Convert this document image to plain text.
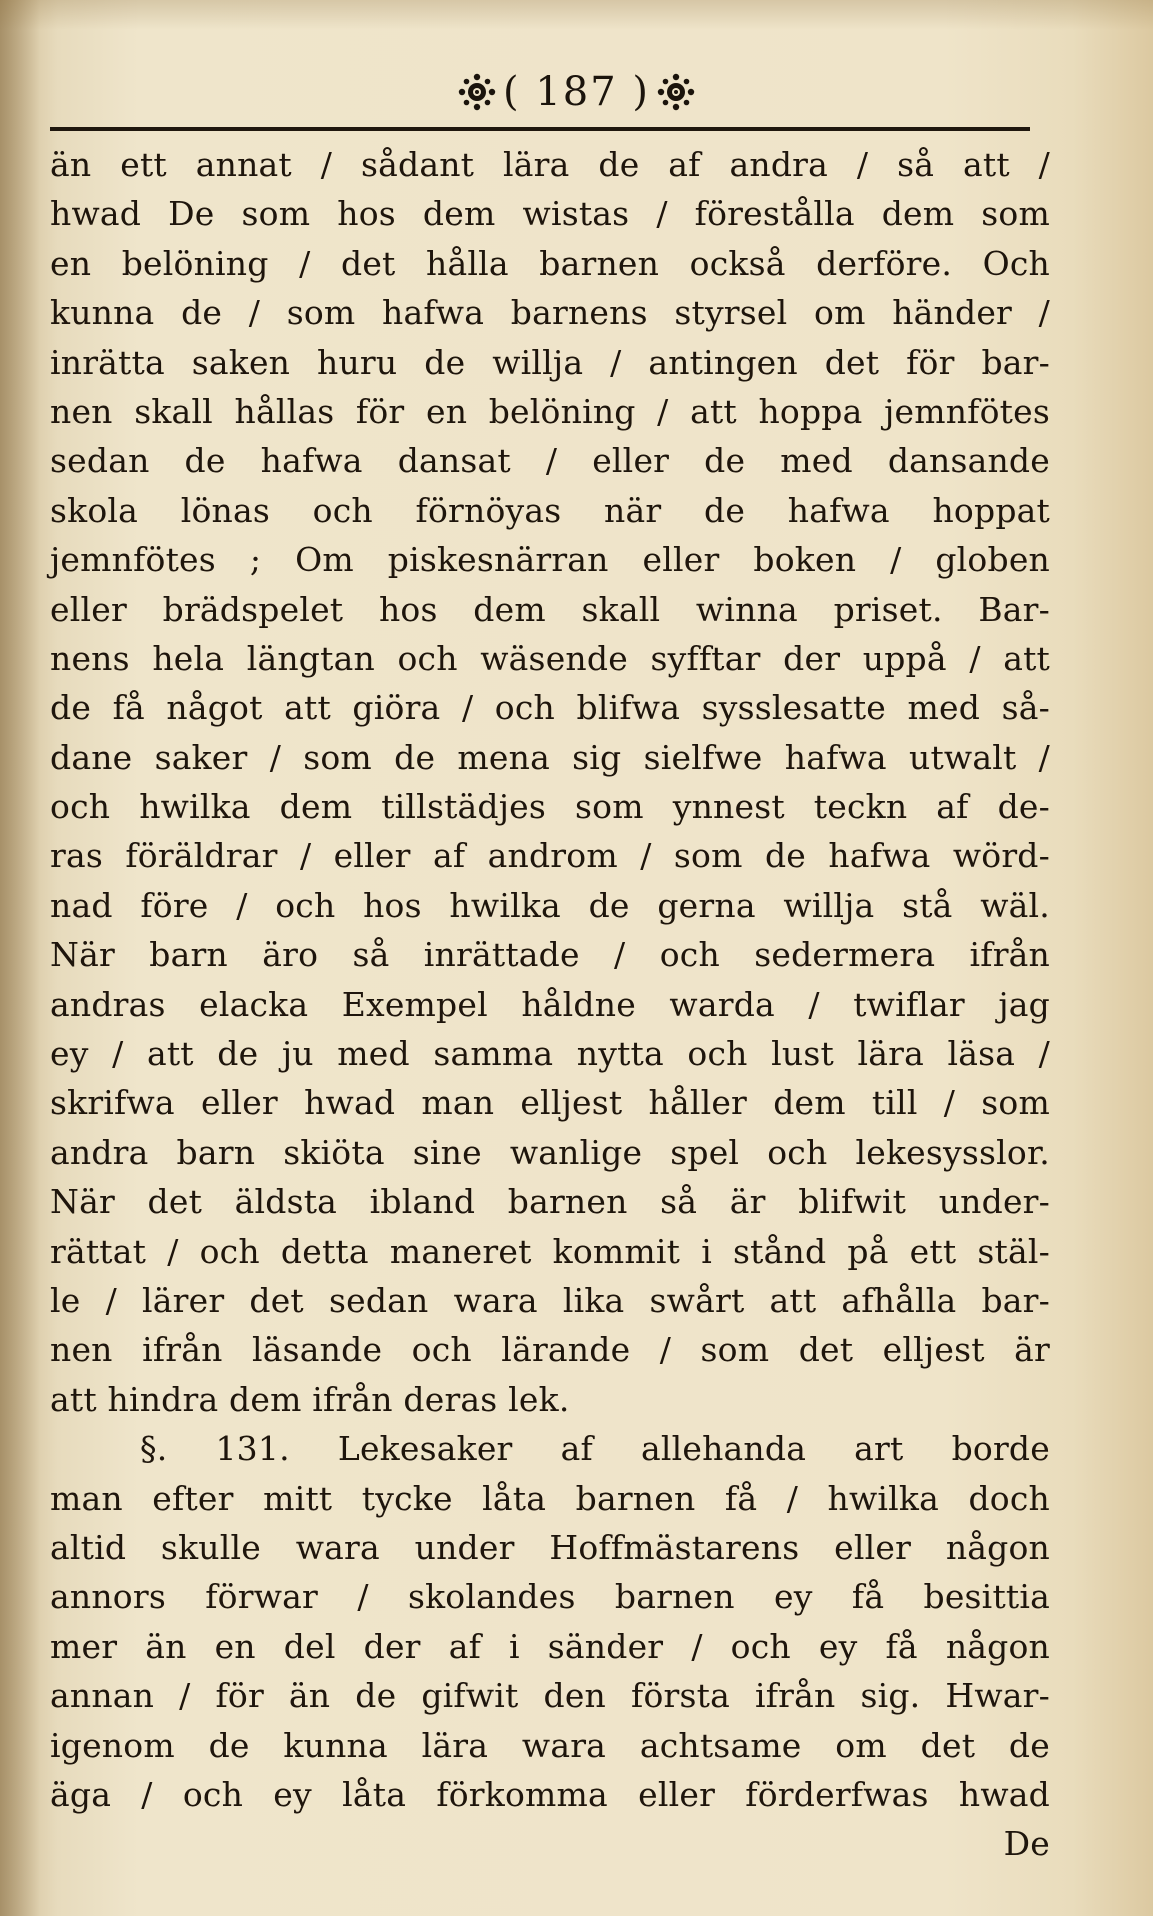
( 187 )
än ett annat / sådant lära de af andra / så att /
hwad De som hos dem wistas / förestålla dem som
en belöning / det hålla barnen också derföre. Och
kunna de / som hafwa barnens styrsel om händer /
inrätta saken huru de willja / antingen det för bar-
nen skall hållas för en belöning / att hoppa jemnfötes
sedan de hafwa dansat / eller de med dansande
skola lönas och förnöyas när de hafwa hoppat
jemnfötes ; Om piskesnärran eller boken / globen
eller brädspelet hos dem skall winna priset. Bar-
nens hela längtan och wäsende syfftar der uppå / att
de få något att giöra / och blifwa sysslesatte med så-
dane saker / som de mena sig sielfwe hafwa utwalt /
och hwilka dem tillstädjes som ynnest teckn af de-
ras föräldrar / eller af androm / som de hafwa wörd-
nad före / och hos hwilka de gerna willja stå wäl.
När barn äro så inrättade / och sedermera ifrån
andras elacka Exempel håldne warda / twiflar jag
ey / att de ju med samma nytta och lust lära läsa /
skrifwa eller hwad man elljest håller dem till / som
andra barn skiöta sine wanlige spel och lekesysslor.
När det äldsta ibland barnen så är blifwit under-
rättat / och detta maneret kommit i stånd på ett stäl-
le / lärer det sedan wara lika swårt att afhålla bar-
nen ifrån läsande och lärande / som det elljest är
att hindra dem ifrån deras lek.
§. 131. Lekesaker af allehanda art borde
man efter mitt tycke låta barnen få / hwilka doch
altid skulle wara under Hoffmästarens eller någon
annors förwar / skolandes barnen ey få besittia
mer än en del der af i sänder / och ey få någon
annan / för än de gifwit den första ifrån sig. Hwar-
igenom de kunna lära wara achtsame om det de
äga / och ey låta förkomma eller förderfwas hwad
De
